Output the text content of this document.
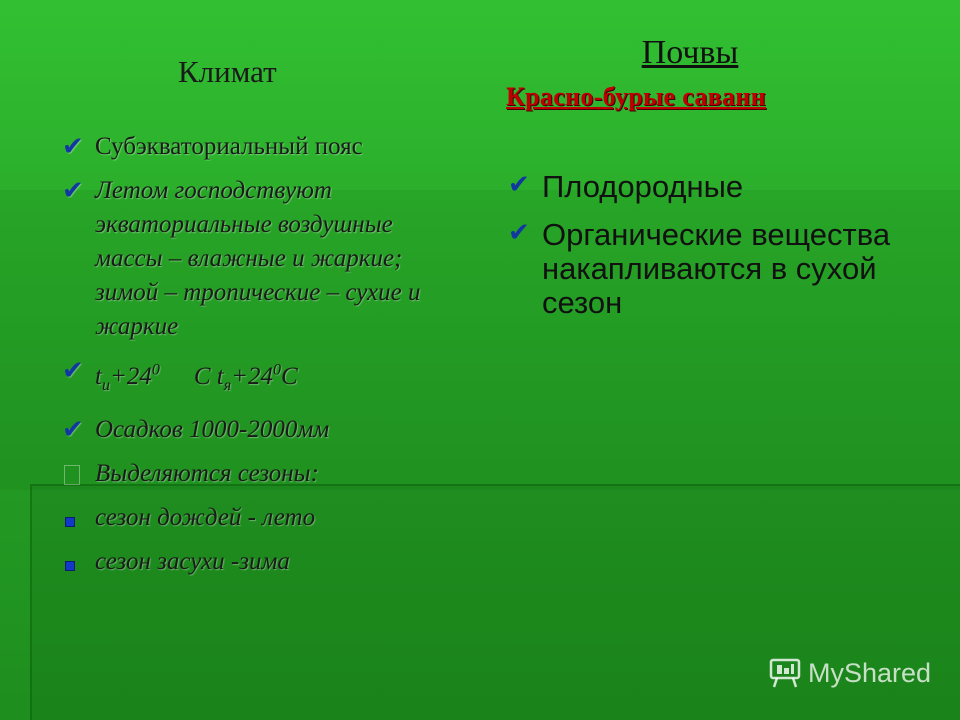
Климат
Почвы
Красно-бурые саванн
✔ Субэкваториальный пояс
✔ Летом господствуют экваториальные воздушные массы – влажные и жаркие; зимой – тропические – сухие и жаркие
✔ $t_и+24^0$ C $t_я+24^0C$
✔ Осадков 1000-2000мм
Выделяются сезоны:
сезон дождей - лето
сезон засухи -зима
✔ Плодородные
✔ Органические вещества накапливаются в сухой сезон
MyShared
